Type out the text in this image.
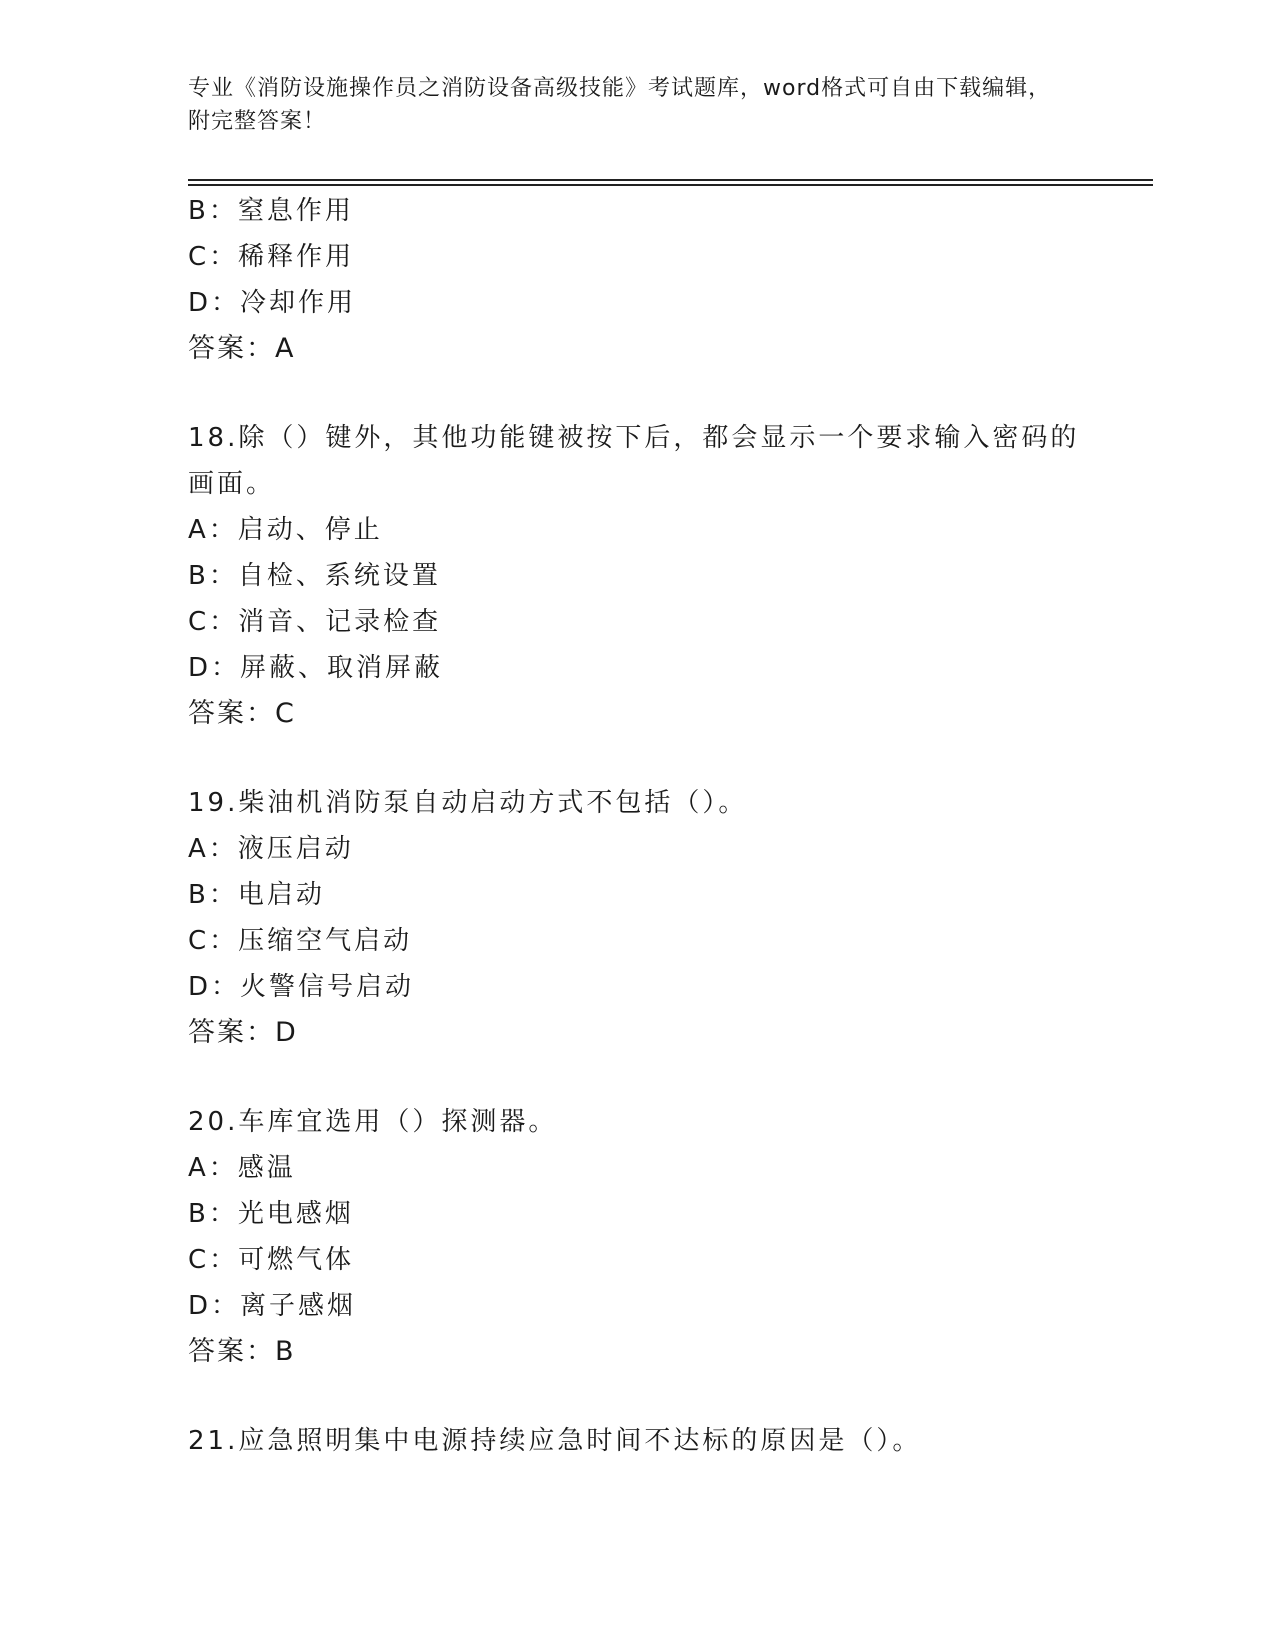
专业《消防设施操作员之消防设备高级技能》考试题库，word格式可自由下载编辑，附完整答案！
B：窒息作用
C：稀释作用
D：冷却作用
答案：A
18.除（）键外，其他功能键被按下后，都会显示一个要求输入密码的画面。
A：启动、停止
B：自检、系统设置
C：消音、记录检查
D：屏蔽、取消屏蔽
答案：C
19.柴油机消防泵自动启动方式不包括（）。
A：液压启动
B：电启动
C：压缩空气启动
D：火警信号启动
答案：D
20.车库宜选用（）探测器。
A：感温
B：光电感烟
C：可燃气体
D：离子感烟
答案：B
21.应急照明集中电源持续应急时间不达标的原因是（）。
